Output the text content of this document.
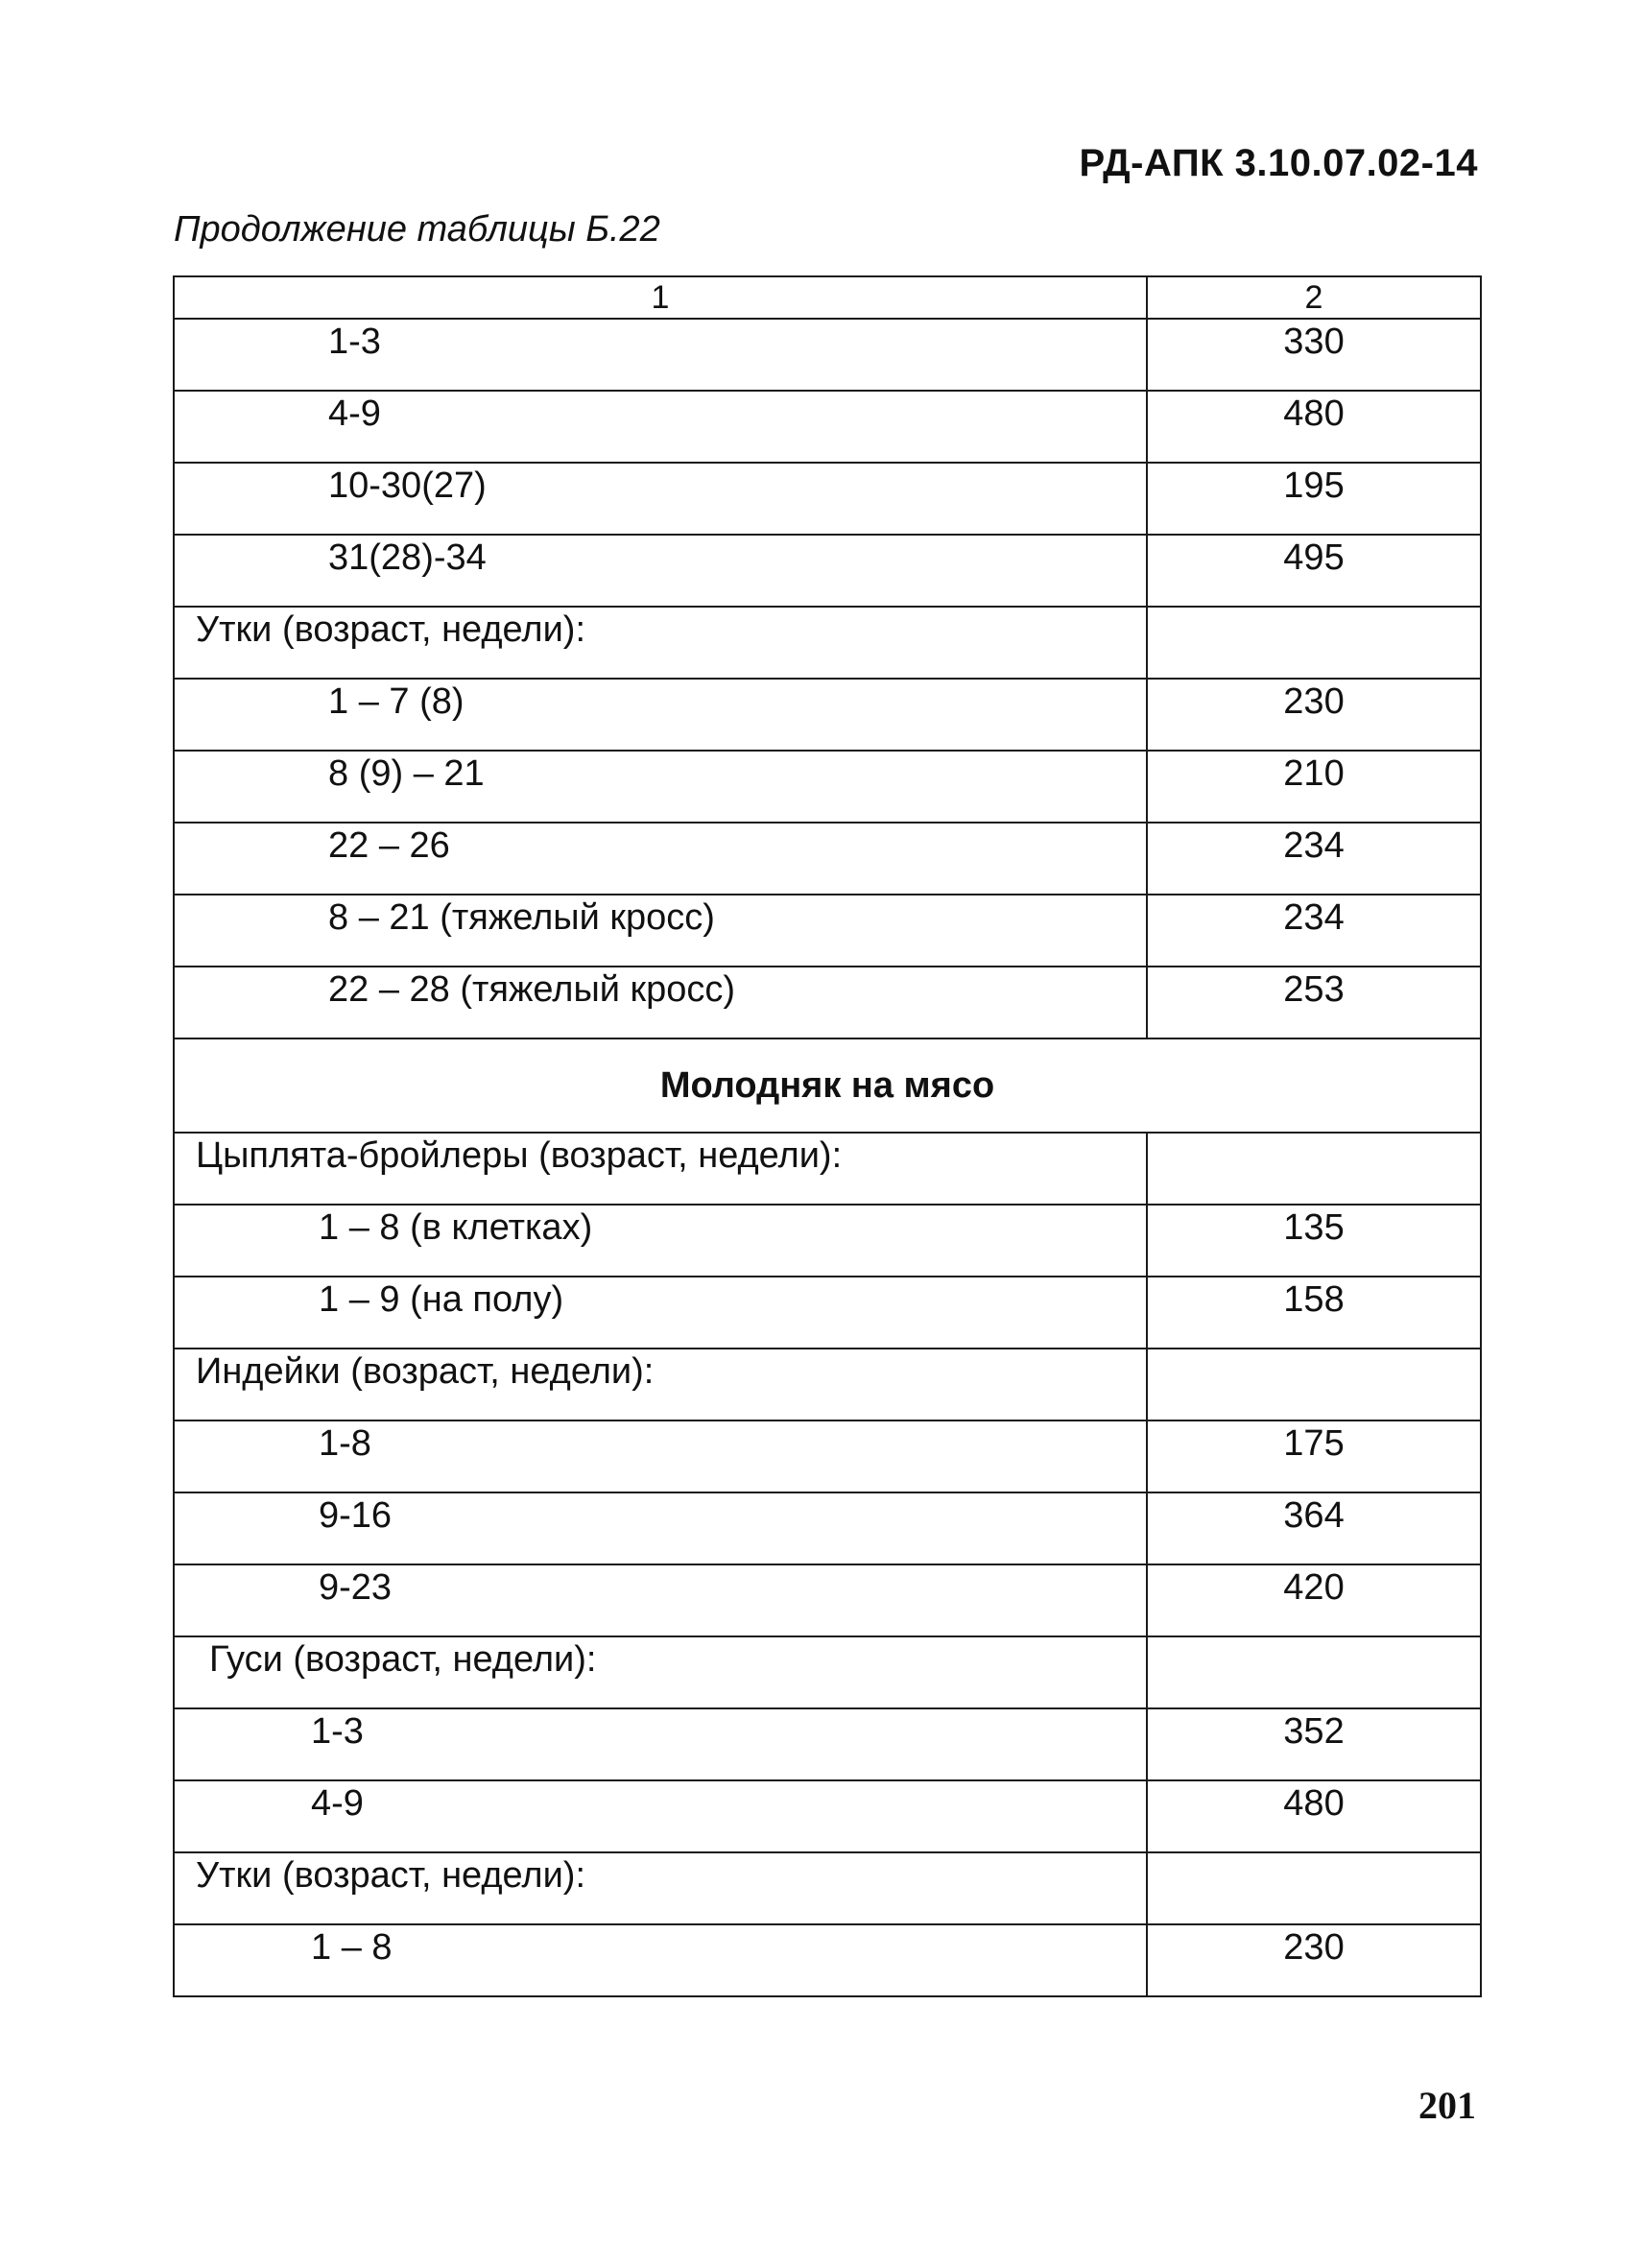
РД-АПК 3.10.07.02-14
Продолжение таблицы Б.22
1	2
1-3	330
4-9	480
10-30(27)	195
31(28)-34	495
Утки (возраст, недели):	
1 – 7 (8)	230
8 (9) – 21	210
22 – 26	234
8 – 21 (тяжелый кросс)	234
22 – 28 (тяжелый кросс)	253
Молодняк на мясо	
Цыплята-бройлеры (возраст, недели):	
1 – 8 (в клетках)	135
1 – 9 (на полу)	158
Индейки (возраст, недели):	
1-8	175
9-16	364
9-23	420
Гуси (возраст, недели):	
1-3	352
4-9	480
Утки (возраст, недели):	
1 – 8	230
201
